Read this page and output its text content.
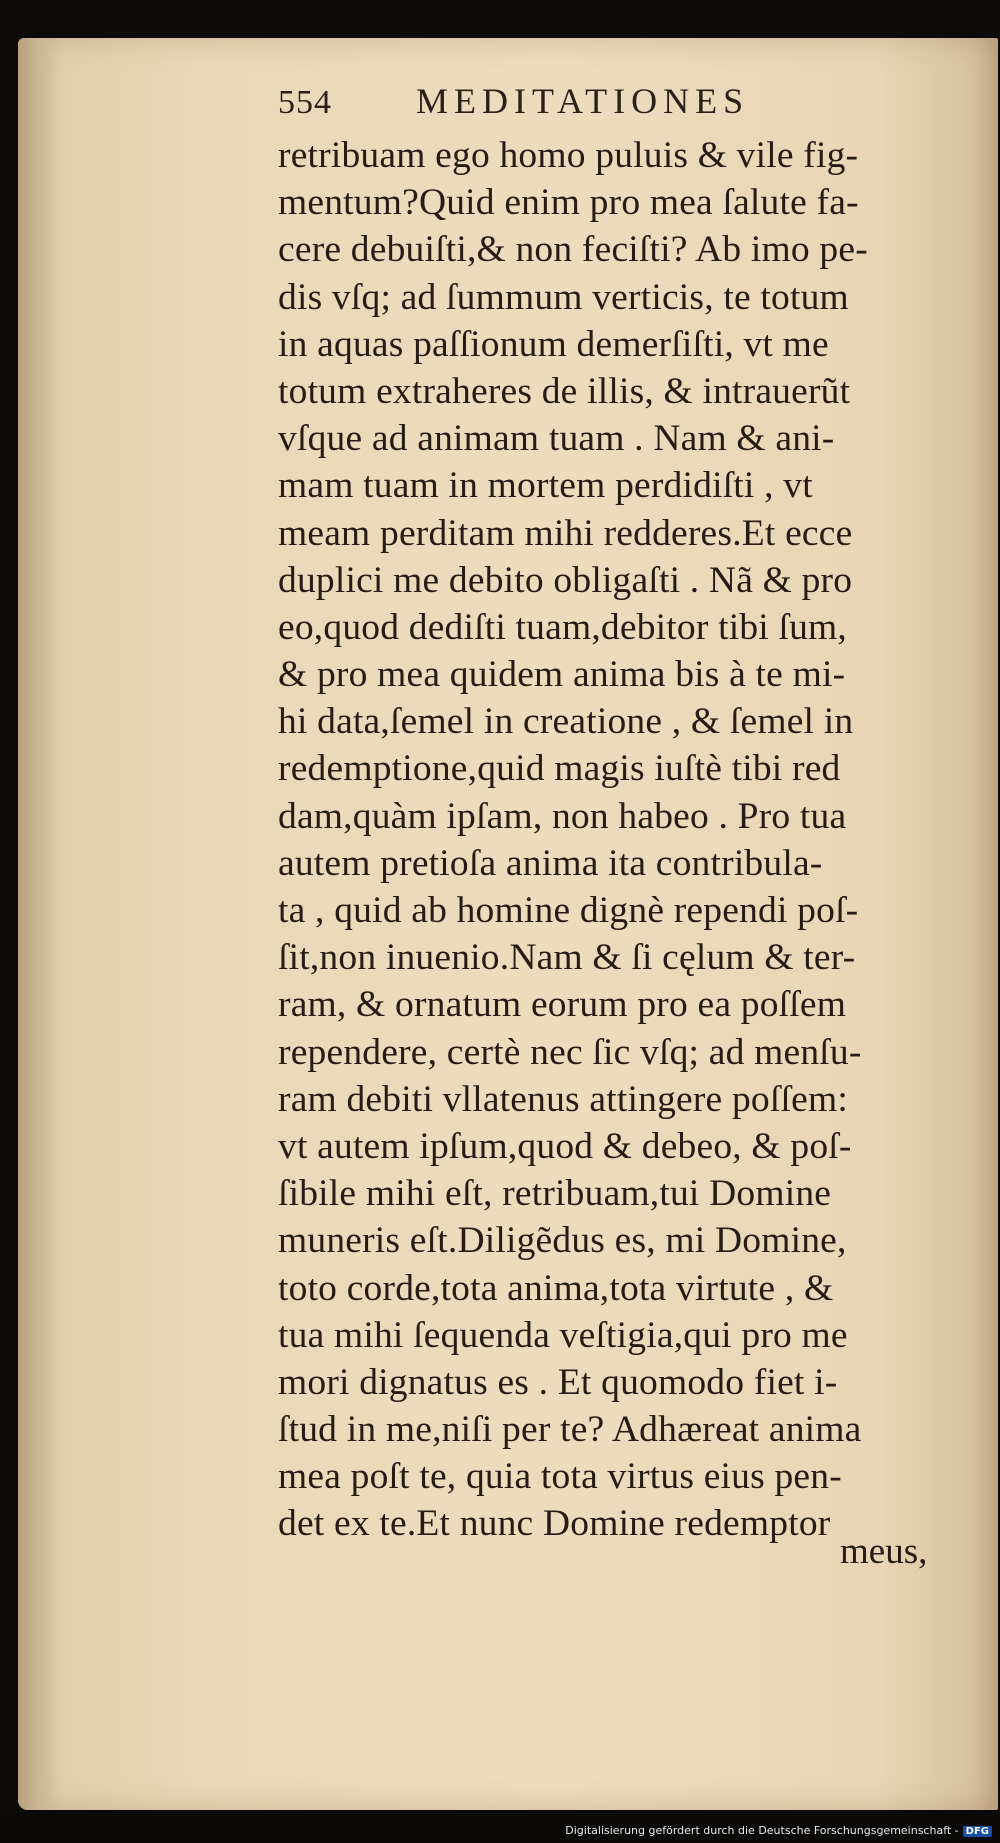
554 MEDITATIONES
retribuam ego homo puluis & vile fig-
mentum?Quid enim pro mea ſalute fa-
cere debuiſti,& non feciſti? Ab imo pe-
dis vſq; ad ſummum verticis, te totum
in aquas paſſionum demerſiſti, vt me
totum extraheres de illis, & intrauerũt
vſque ad animam tuam . Nam & ani-
mam tuam in mortem perdidiſti , vt
meam perditam mihi redderes.Et ecce
duplici me debito obligaſti . Nã & pro
eo,quod dediſti tuam,debitor tibi ſum,
& pro mea quidem anima bis à te mi-
hi data,ſemel in creatione , & ſemel in
redemptione,quid magis iuſtè tibi red
dam,quàm ipſam, non habeo . Pro tua
autem pretioſa anima ita contribula-
ta , quid ab homine dignè rependi poſ-
ſit,non inuenio.Nam & ſi cęlum & ter-
ram, & ornatum eorum pro ea poſſem
rependere, certè nec ſic vſq; ad menſu-
ram debiti vllatenus attingere poſſem:
vt autem ipſum,quod & debeo, & poſ-
ſibile mihi eſt, retribuam,tui Domine
muneris eſt.Diligẽdus es, mi Domine,
toto corde,tota anima,tota virtute , &
tua mihi ſequenda veſtigia,qui pro me
mori dignatus es . Et quomodo fiet i-
ſtud in me,niſi per te? Adhæreat anima
mea poſt te, quia tota virtus eius pen-
det ex te.Et nunc Domine redemptor
meus,
Digitalisierung gefördert durch die Deutsche Forschungsgemeinschaft - DFG
